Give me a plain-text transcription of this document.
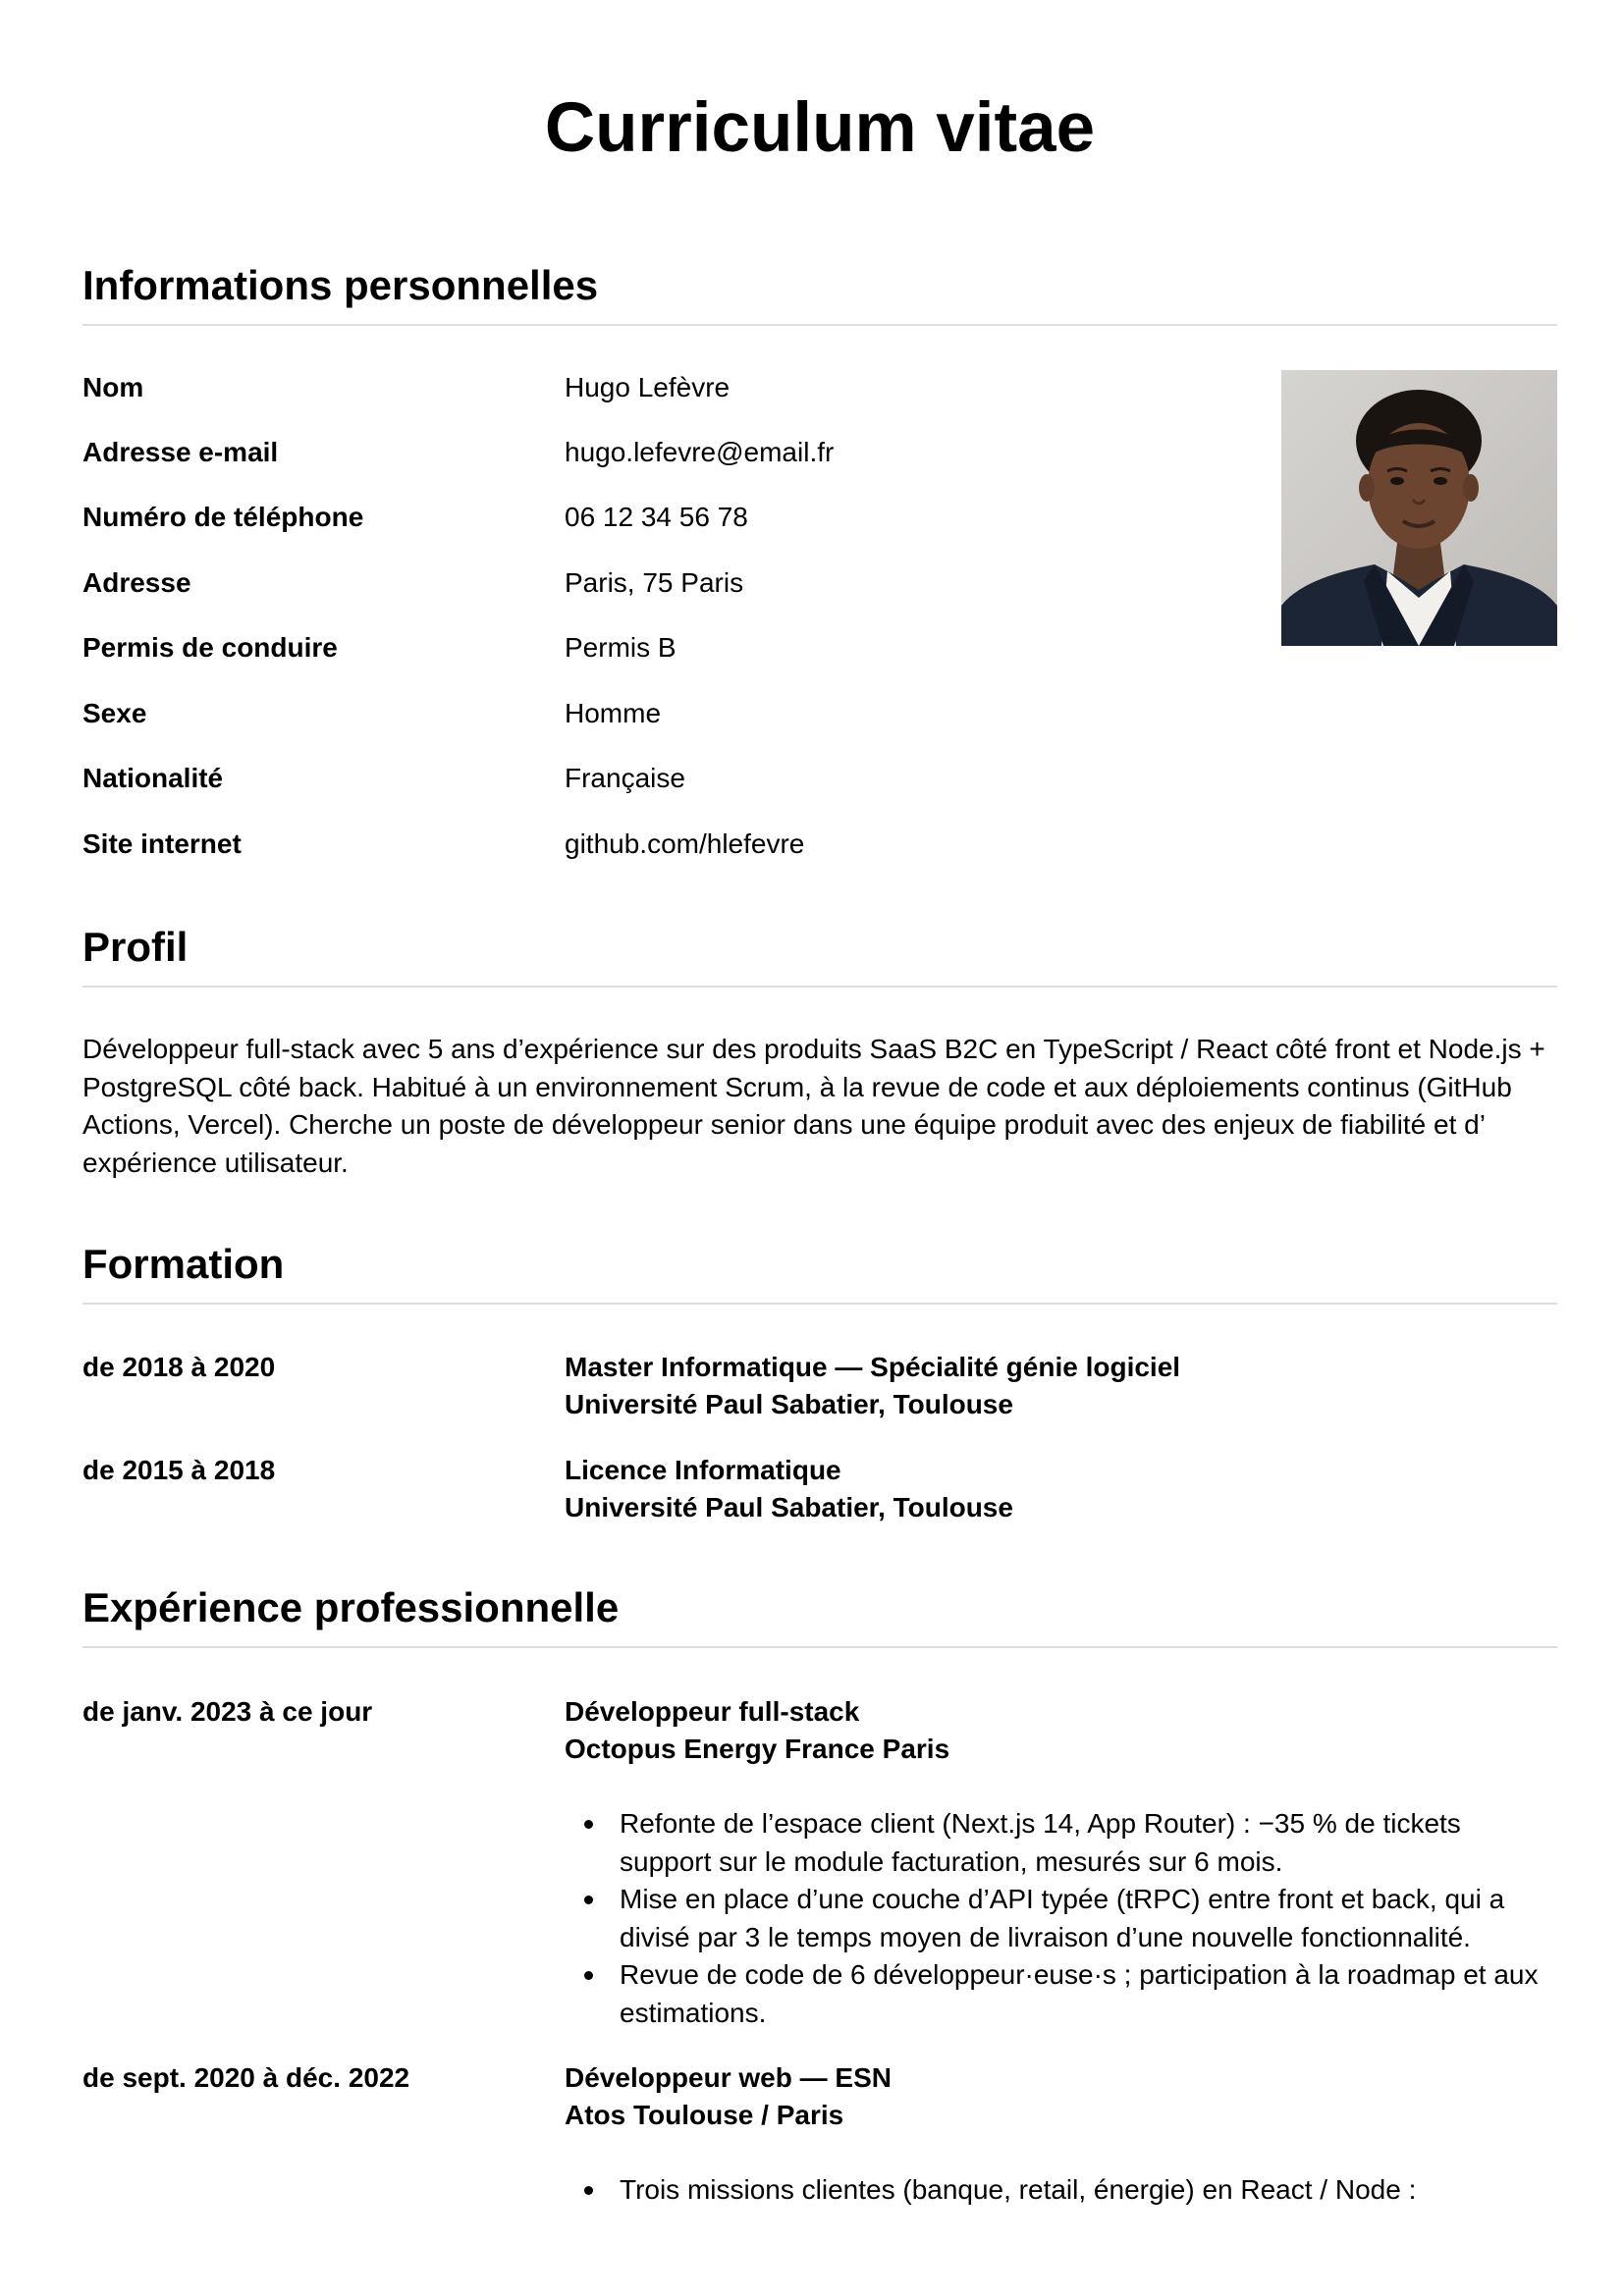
Curriculum vitae
Informations personnelles
Nom	Hugo Lefèvre
Adresse e-mail	hugo.lefevre@email.fr
Numéro de téléphone	06 12 34 56 78
Adresse	Paris, 75 Paris
Permis de conduire	Permis B
Sexe	Homme
Nationalité	Française
Site internet	github.com/hlefevre
Profil

Développeur full-stack avec 5 ans d’expérience sur des produits SaaS B2C en TypeScript / React côté front et Node.js + PostgreSQL côté back. Habitué à un environnement Scrum, à la revue de code et aux déploiements continus (GitHub Actions, Vercel). Cherche un poste de développeur senior dans une équipe produit avec des enjeux de fiabilité et d’ expérience utilisateur.

Formation
de 2018 à 2020	Master Informatique — Spécialité génie logiciel
Université Paul Sabatier, Toulouse
de 2015 à 2018	Licence Informatique
Université Paul Sabatier, Toulouse
Expérience professionnelle
de janv. 2023 à ce jour	Développeur full-stack
Octopus Energy France Paris
Refonte de l’espace client (Next.js 14, App Router) : −35 % de tickets support sur le module facturation, mesurés sur 6 mois.
Mise en place d’une couche d’API typée (tRPC) entre front et back, qui a divisé par 3 le temps moyen de livraison d’une nouvelle fonctionnalité.
Revue de code de 6 développeur·euse·s ; participation à la roadmap et aux estimations.
de sept. 2020 à déc. 2022	Développeur web — ESN
Atos Toulouse / Paris
Trois missions clientes (banque, retail, énergie) en React / Node :
